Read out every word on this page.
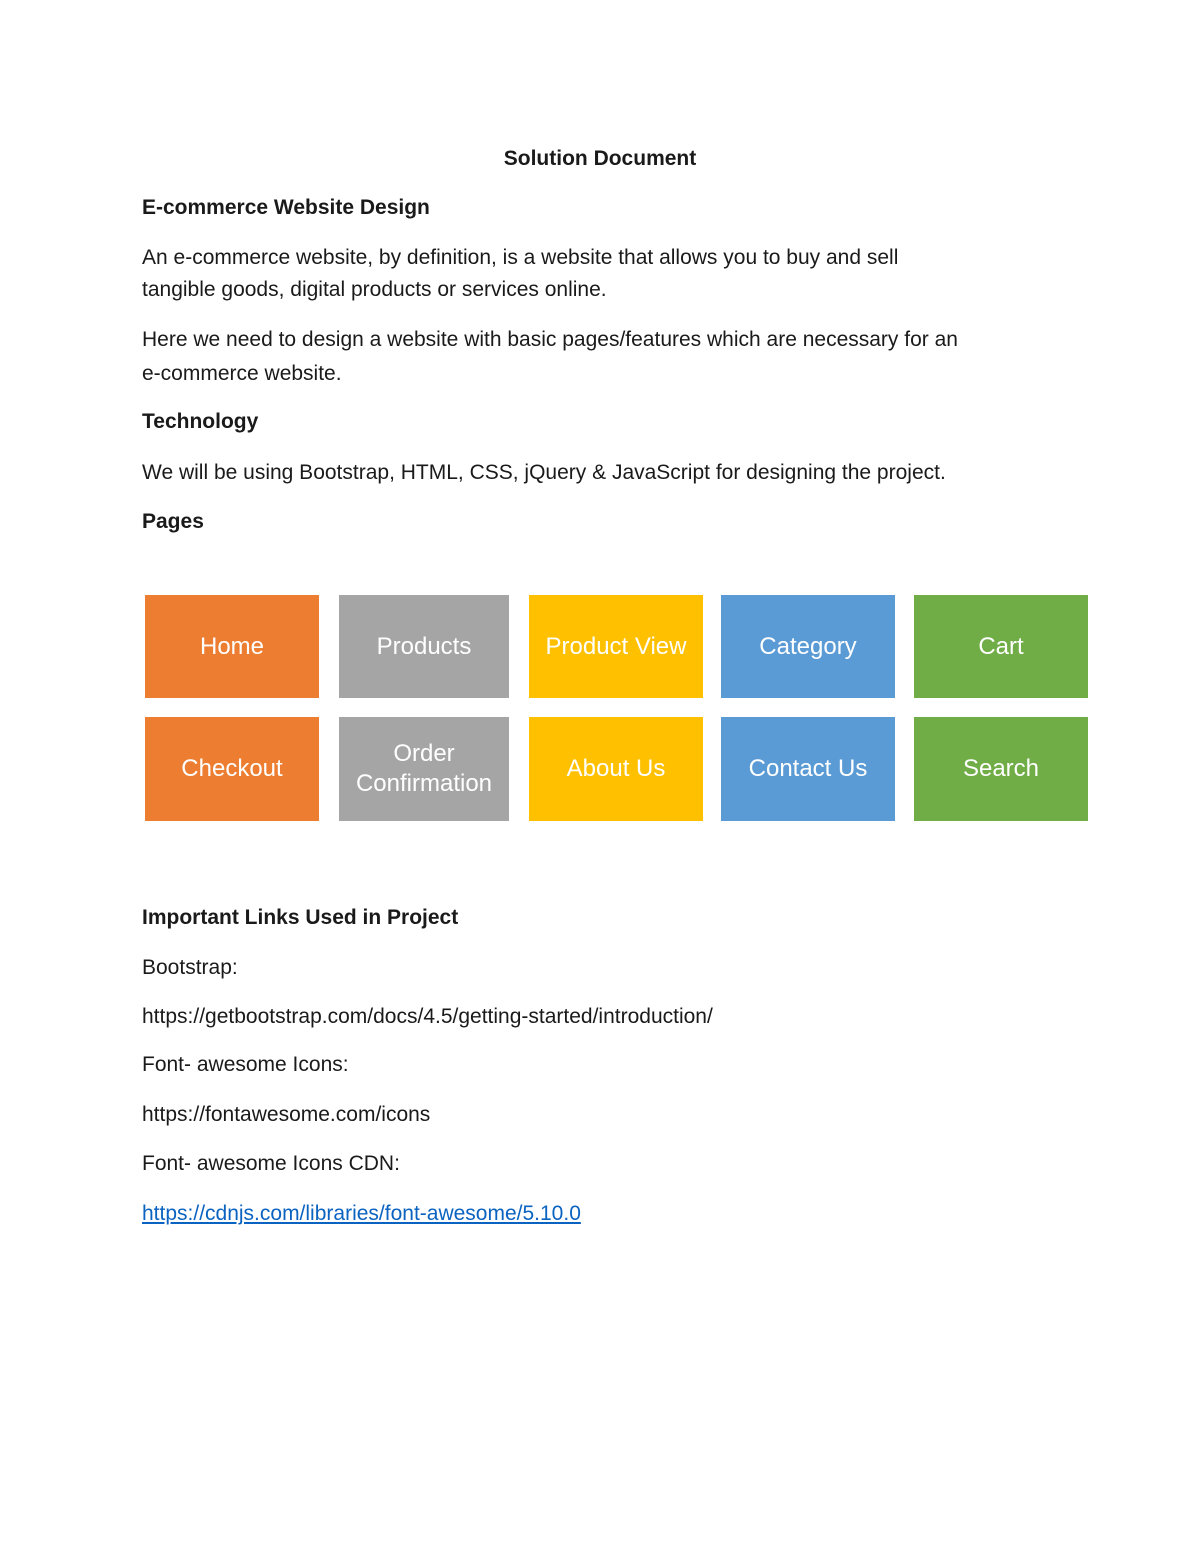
Solution Document
E-commerce Website Design
An e-commerce website, by definition, is a website that allows you to buy and sell
tangible goods, digital products or services online.
Here we need to design a website with basic pages/features which are necessary for an
e-commerce website.
Technology
We will be using Bootstrap, HTML, CSS, jQuery & JavaScript for designing the project.
Pages
Home	Products	Product View	Category	Cart
Checkout
Order Confirmation
About Us	Contact Us	Search
Important Links Used in Project
Bootstrap:
https://getbootstrap.com/docs/4.5/getting-started/introduction/
Font- awesome Icons:
https://fontawesome.com/icons
Font- awesome Icons CDN:
https://cdnjs.com/libraries/font-awesome/5.10.0
